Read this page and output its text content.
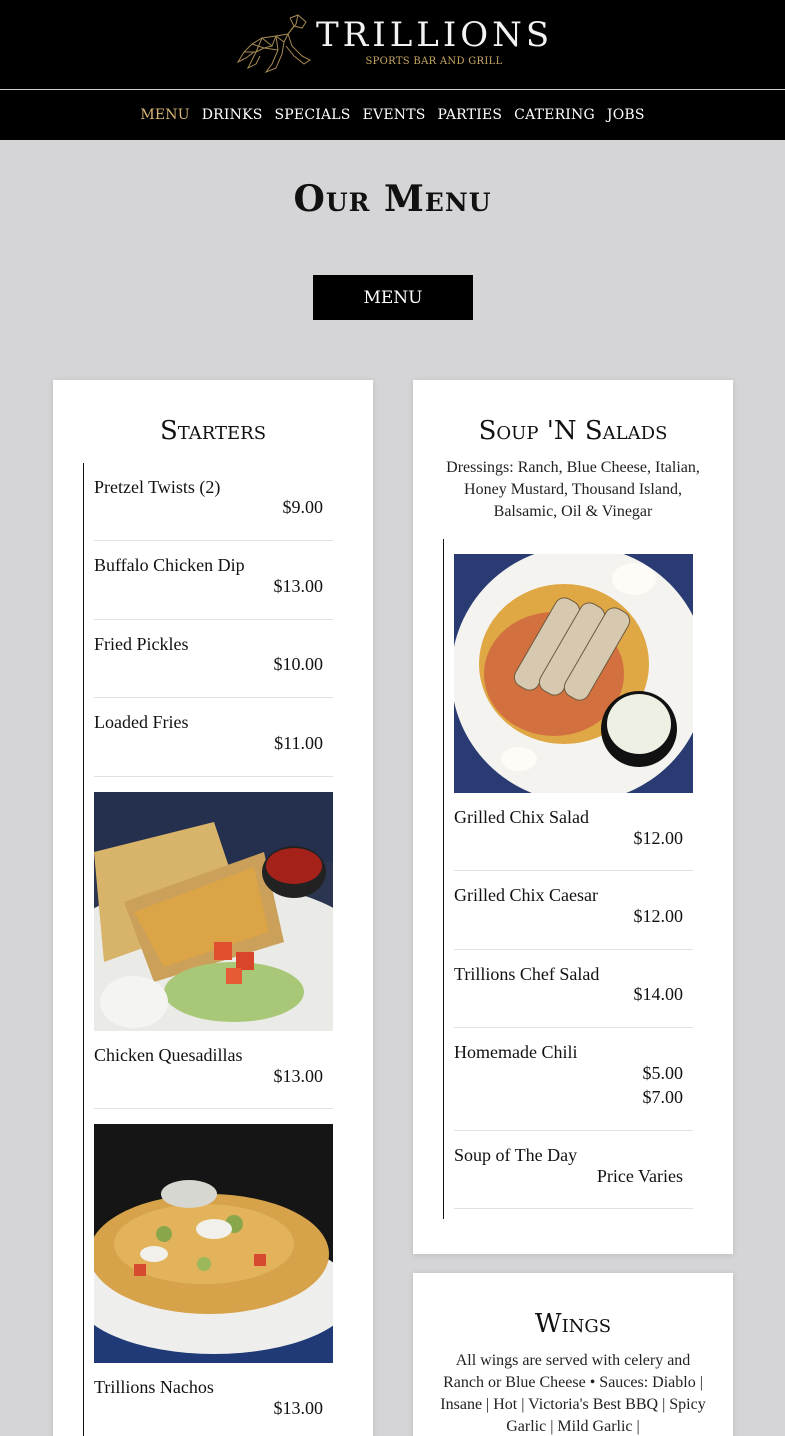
TRILLIONS
SPORTS BAR AND GRILL
MENU DRINKS SPECIALS EVENTS PARTIES CATERING JOBS
Our Menu
MENU
Starters
Pretzel Twists (2)
$9.00
Buffalo Chicken Dip
$13.00
Fried Pickles
$10.00
Loaded Fries
$11.00
Chicken Quesadillas
$13.00
Trillions Nachos
$13.00
Soup 'N Salads
Dressings: Ranch, Blue Cheese, Italian, Honey Mustard, Thousand Island, Balsamic, Oil & Vinegar
Grilled Chix Salad
$12.00
Grilled Chix Caesar
$12.00
Trillions Chef Salad
$14.00
Homemade Chili
$5.00
$7.00
Soup of The Day
Price Varies
Wings
All wings are served with celery and Ranch or Blue Cheese • Sauces: Diablo | Insane | Hot | Victoria's Best BBQ | Spicy Garlic | Mild Garlic |
